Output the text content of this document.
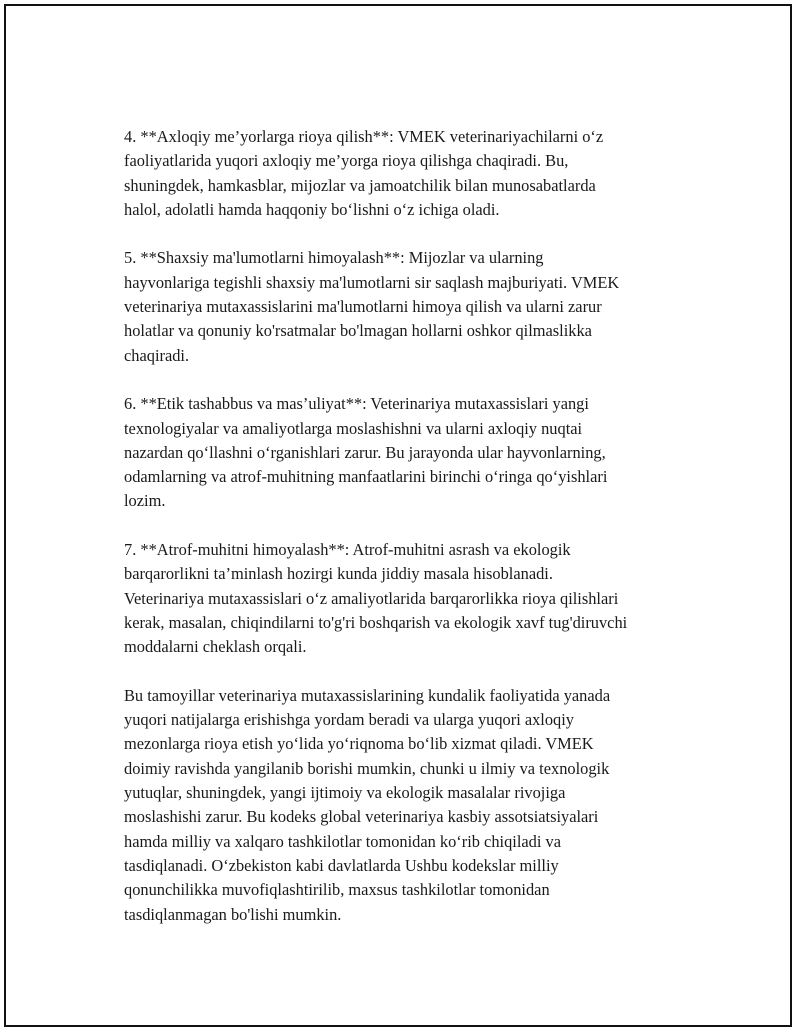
4. **Axloqiy me’yorlarga rioya qilish**: VMEK veterinariyachilarni o‘z
faoliyatlarida yuqori axloqiy me’yorga rioya qilishga chaqiradi. Bu,
shuningdek, hamkasblar, mijozlar va jamoatchilik bilan munosabatlarda
halol, adolatli hamda haqqoniy bo‘lishni o‘z ichiga oladi.

5. **Shaxsiy ma'lumotlarni himoyalash**: Mijozlar va ularning
hayvonlariga tegishli shaxsiy ma'lumotlarni sir saqlash majburiyati. VMEK
veterinariya mutaxassislarini ma'lumotlarni himoya qilish va ularni zarur
holatlar va qonuniy ko'rsatmalar bo'lmagan hollarni oshkor qilmaslikka
chaqiradi.

6. **Etik tashabbus va mas’uliyat**: Veterinariya mutaxassislari yangi
texnologiyalar va amaliyotlarga moslashishni va ularni axloqiy nuqtai
nazardan qo‘llashni o‘rganishlari zarur. Bu jarayonda ular hayvonlarning,
odamlarning va atrof-muhitning manfaatlarini birinchi o‘ringa qo‘yishlari
lozim.

7. **Atrof-muhitni himoyalash**: Atrof-muhitni asrash va ekologik
barqarorlikni ta’minlash hozirgi kunda jiddiy masala hisoblanadi.
Veterinariya mutaxassislari o‘z amaliyotlarida barqarorlikka rioya qilishlari
kerak, masalan, chiqindilarni to'g'ri boshqarish va ekologik xavf tug'diruvchi
moddalarni cheklash orqali.

Bu tamoyillar veterinariya mutaxassislarining kundalik faoliyatida yanada
yuqori natijalarga erishishga yordam beradi va ularga yuqori axloqiy
mezonlarga rioya etish yo‘lida yo‘riqnoma bo‘lib xizmat qiladi. VMEK
doimiy ravishda yangilanib borishi mumkin, chunki u ilmiy va texnologik
yutuqlar, shuningdek, yangi ijtimoiy va ekologik masalalar rivojiga
moslashishi zarur. Bu kodeks global veterinariya kasbiy assotsiatsiyalari
hamda milliy va xalqaro tashkilotlar tomonidan ko‘rib chiqiladi va
tasdiqlanadi. O‘zbekiston kabi davlatlarda Ushbu kodekslar milliy
qonunchilikka muvofiqlashtirilib, maxsus tashkilotlar tomonidan
tasdiqlanmagan bo'lishi mumkin.
